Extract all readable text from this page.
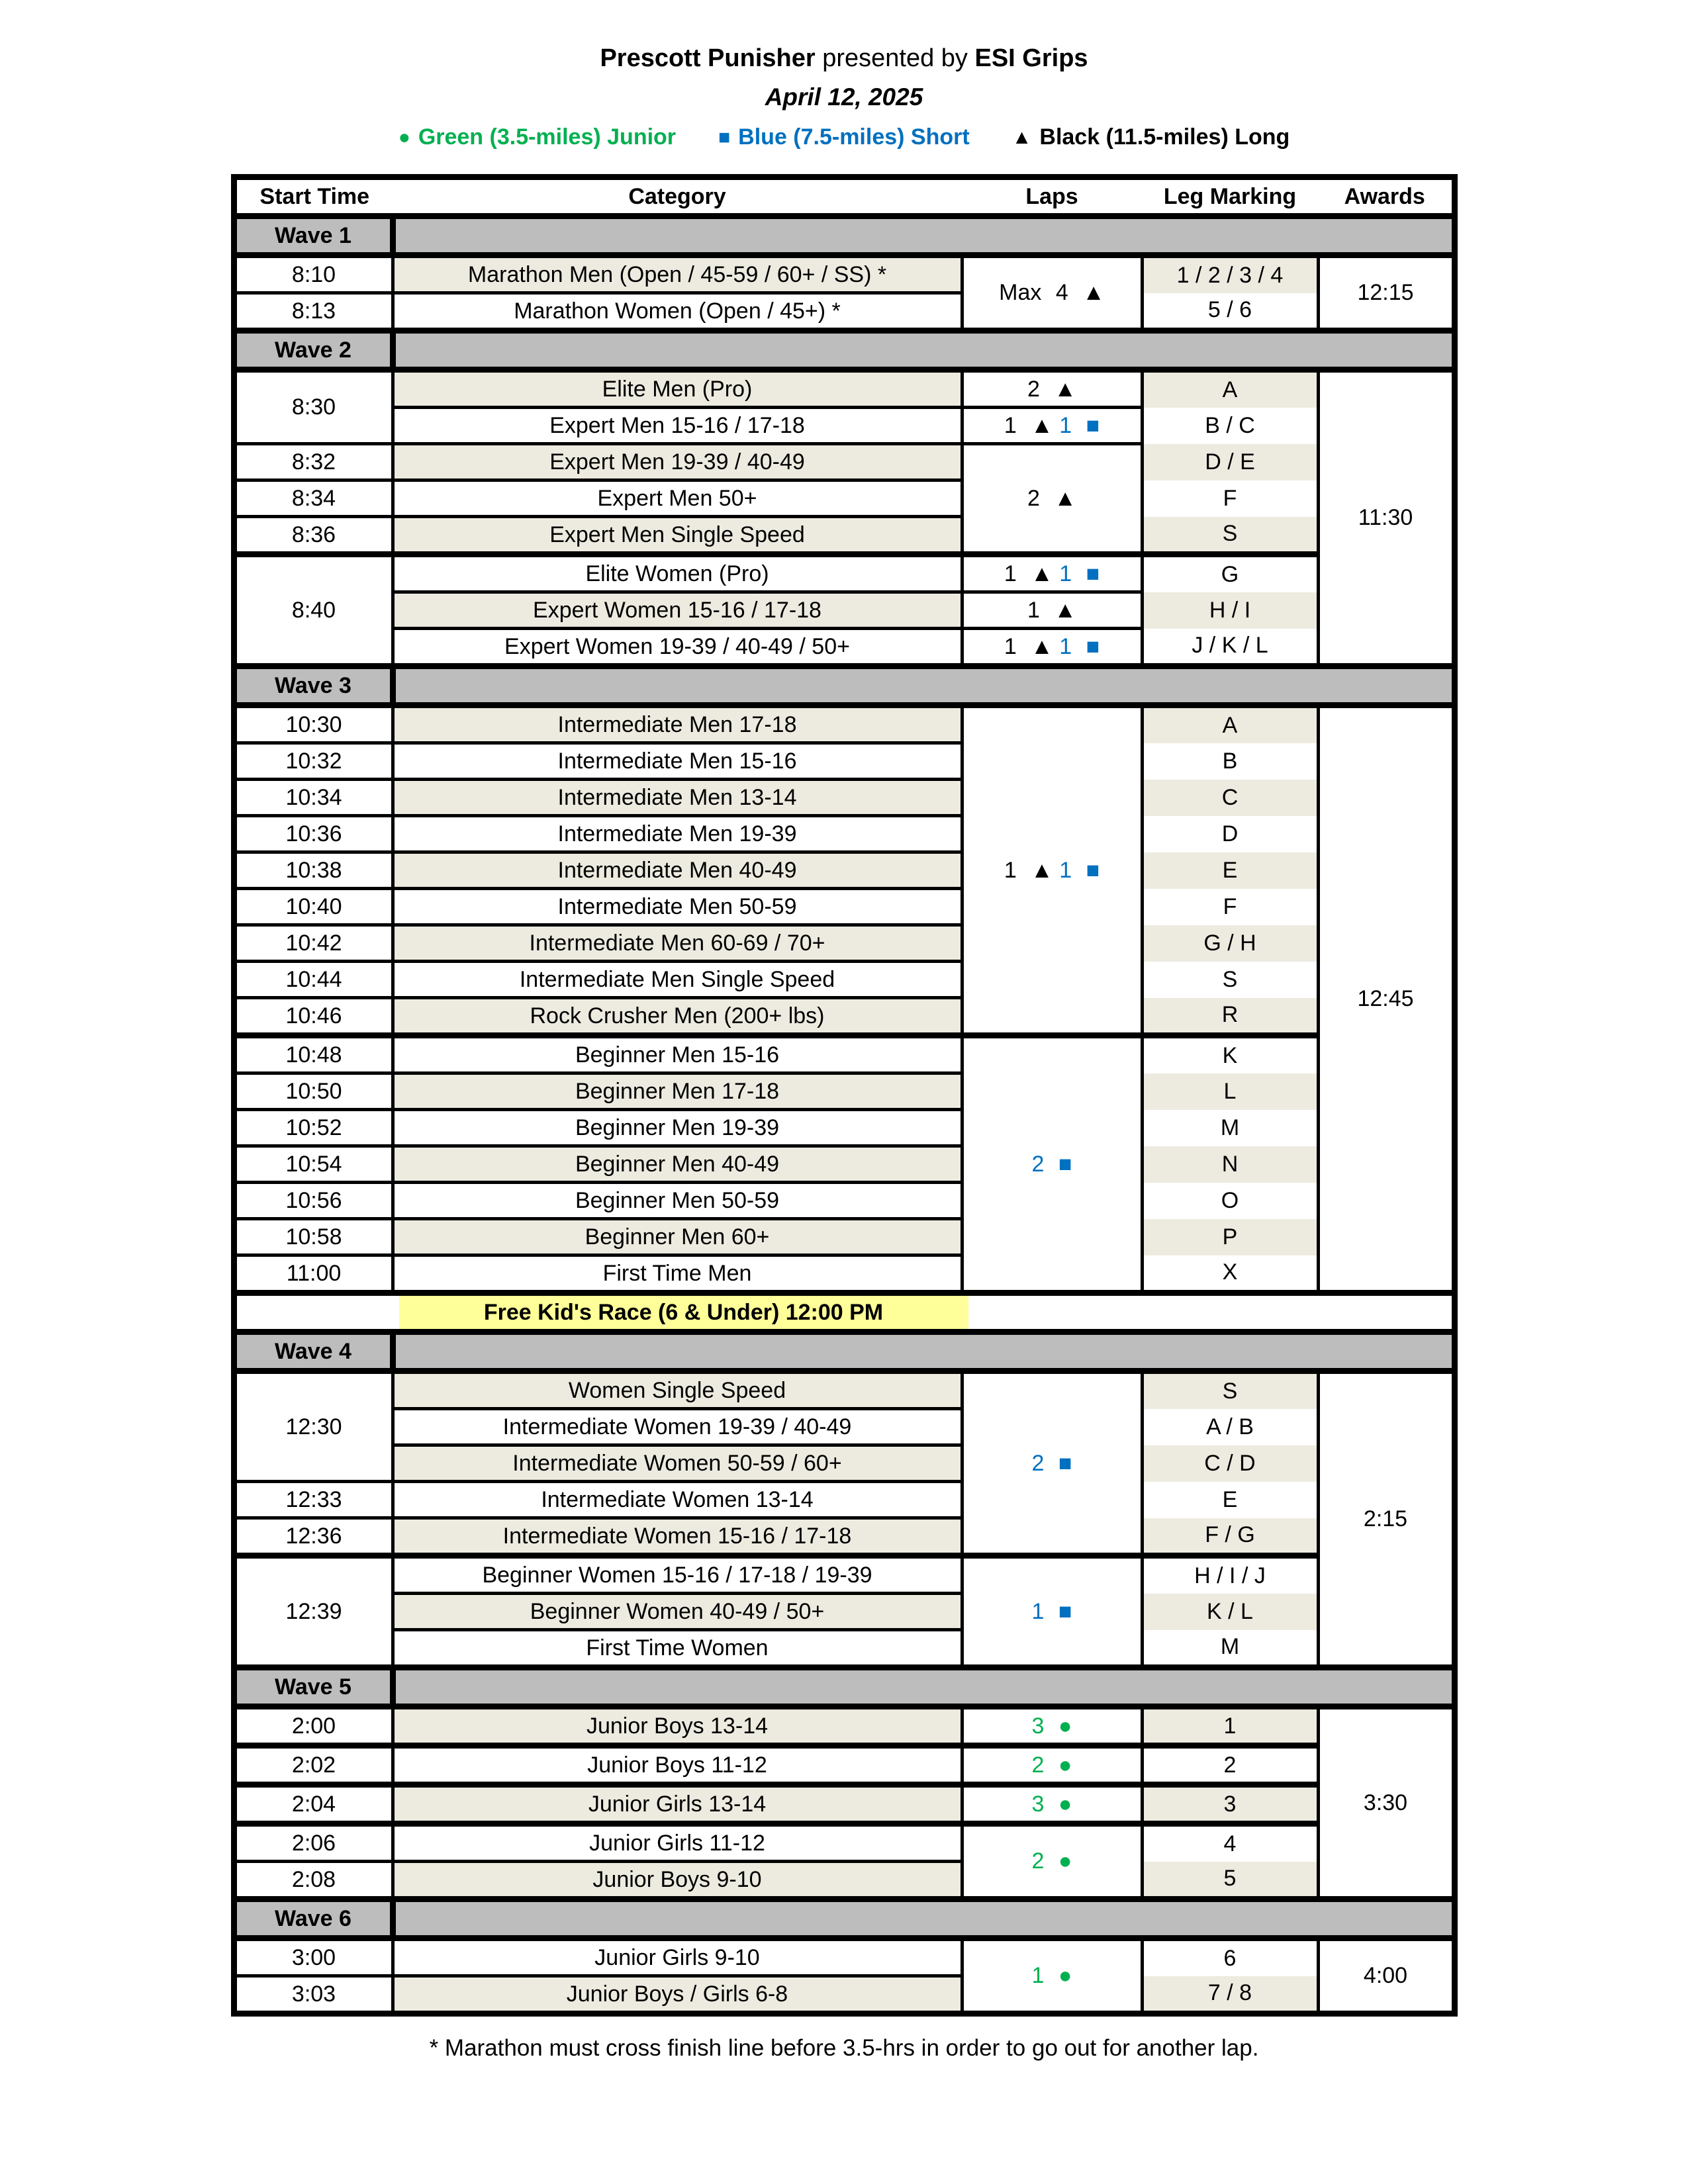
Prescott Punisher presented by ESI Grips
April 12, 2025
● Green (3.5-miles) Junior ■ Blue (7.5-miles) Short ▲ Black (11.5-miles) Long
Start Time	Category	Laps	Leg Marking	Awards
Wave 1				
8:10	Marathon Men (Open / 45-59 / 60+ / SS) *	Max 4 ▲	1 / 2 / 3 / 4	12:15
8:13	Marathon Women (Open / 45+) *		5 / 6	
Wave 2				
8:30	Elite Men (Pro)	2 ▲	A	11:30
	Expert Men 15-16 / 17-18	1 ▲ 1 ■	B / C	
8:32	Expert Men 19-39 / 40-49	2 ▲	D / E	
8:34	Expert Men 50+		F	
8:36	Expert Men Single Speed		S	
8:40	Elite Women (Pro)	1 ▲ 1 ■	G	
	Expert Women 15-16 / 17-18	1 ▲	H / I	
	Expert Women 19-39 / 40-49 / 50+	1 ▲ 1 ■	J / K / L	
Wave 3				
10:30	Intermediate Men 17-18	1 ▲ 1 ■	A	12:45
10:32	Intermediate Men 15-16		B	
10:34	Intermediate Men 13-14		C	
10:36	Intermediate Men 19-39		D	
10:38	Intermediate Men 40-49		E	
10:40	Intermediate Men 50-59		F	
10:42	Intermediate Men 60-69 / 70+		G / H	
10:44	Intermediate Men Single Speed		S	
10:46	Rock Crusher Men (200+ lbs)		R	
10:48	Beginner Men 15-16	2 ■	K	
10:50	Beginner Men 17-18		L	
10:52	Beginner Men 19-39		M	
10:54	Beginner Men 40-49		N	
10:56	Beginner Men 50-59		O	
10:58	Beginner Men 60+		P	
11:00	First Time Men		X	

Free Kid's Race (6 & Under) 12:00 PM				

Wave 4				
12:30	Women Single Speed	2 ■	S	2:15
	Intermediate Women 19-39 / 40-49		A / B	
	Intermediate Women 50-59 / 60+		C / D	
12:33	Intermediate Women 13-14		E	
12:36	Intermediate Women 15-16 / 17-18		F / G	
12:39	Beginner Women 15-16 / 17-18 / 19-39	1 ■	H / I / J	
	Beginner Women 40-49 / 50+		K / L	
	First Time Women		M	
Wave 5				
2:00	Junior Boys 13-14	3 ●	1	3:30
2:02	Junior Boys 11-12	2 ●	2	
2:04	Junior Girls 13-14	3 ●	3	
2:06	Junior Girls 11-12	2 ●	4	
2:08	Junior Boys 9-10		5	
Wave 6				
3:00	Junior Girls 9-10	1 ●	6	4:00
3:03	Junior Boys / Girls 6-8		7 / 8	
* Marathon must cross finish line before 3.5-hrs in order to go out for another lap.
